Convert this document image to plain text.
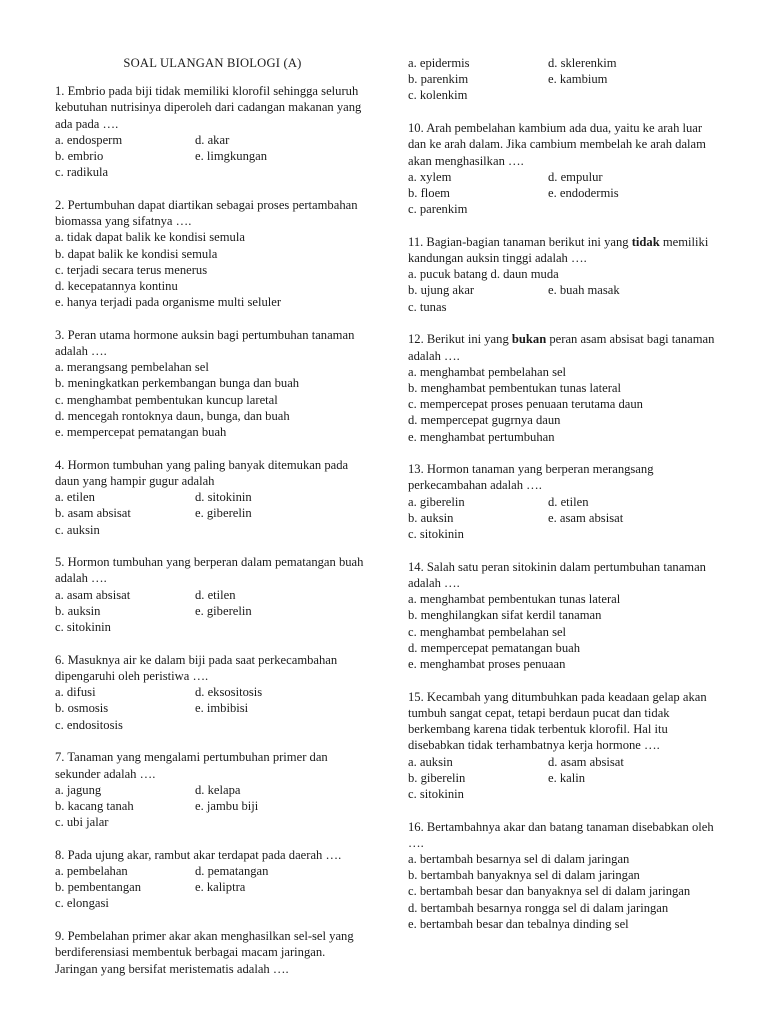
SOAL ULANGAN BIOLOGI (A)

1. Embrio pada biji tidak memiliki klorofil sehingga seluruh kebutuhan nutrisinya diperoleh dari cadangan makanan yang ada pada ….

a. endosperm	d. akar
b. embrio	e. limgkungan
c. radikula

2. Pertumbuhan dapat diartikan sebagai proses pertambahan biomassa yang sifatnya ….

a. tidak dapat balik ke kondisi semula
b. dapat balik ke kondisi semula
c. terjadi secara terus menerus
d. kecepatannya kontinu
e. hanya terjadi pada organisme multi seluler

3. Peran utama hormone auksin bagi pertumbuhan tanaman adalah ….

a. merangsang pembelahan sel
b. meningkatkan perkembangan bunga dan buah
c. menghambat pembentukan kuncup laretal
d. mencegah rontoknya daun, bunga, dan buah
e. mempercepat pematangan buah

4. Hormon tumbuhan yang paling banyak ditemukan pada daun yang hampir gugur adalah

a. etilen	d. sitokinin
b. asam absisat	e. giberelin
c. auksin

5. Hormon tumbuhan yang berperan dalam pematangan buah adalah ….

a. asam absisat	d. etilen
b. auksin	e. giberelin
c. sitokinin

6. Masuknya air ke dalam biji pada saat perkecambahan dipengaruhi oleh peristiwa ….

a. difusi	d. eksositosis
b. osmosis	e. imbibisi
c. endositosis

7. Tanaman yang mengalami pertumbuhan primer dan sekunder adalah ….

a. jagung	d. kelapa
b. kacang tanah	e. jambu biji
c. ubi jalar

8. Pada ujung akar, rambut akar terdapat pada daerah ….

a. pembelahan	d. pematangan
b. pembentangan	e. kaliptra
c. elongasi

9. Pembelahan primer akar akan menghasilkan sel-sel yang berdiferensiasi membentuk berbagai macam jaringan. Jaringan yang bersifat meristematis adalah ….

a. epidermis	d. sklerenkim
b. parenkim	e. kambium
c. kolenkim

10. Arah pembelahan kambium ada dua, yaitu ke arah luar dan ke arah dalam. Jika cambium membelah ke arah dalam akan menghasilkan ….

a. xylem	d. empulur
b. floem	e. endodermis
c. parenkim

11. Bagian-bagian tanaman berikut ini yang tidak memiliki kandungan auksin tinggi adalah ….

a. pucuk batang d. daun muda
b. ujung akar	e. buah masak
c. tunas

12. Berikut ini yang bukan peran asam absisat bagi tanaman adalah ….

a. menghambat pembelahan sel
b. menghambat pembentukan tunas lateral
c. mempercepat proses penuaan terutama daun
d. mempercepat gugrnya daun
e. menghambat pertumbuhan

13. Hormon tanaman yang berperan merangsang perkecambahan adalah ….

a. giberelin	d. etilen
b. auksin	e. asam absisat
c. sitokinin

14. Salah satu peran sitokinin dalam pertumbuhan tanaman adalah ….

a. menghambat pembentukan tunas lateral
b. menghilangkan sifat kerdil tanaman
c. menghambat pembelahan sel
d. mempercepat pematangan buah
e. menghambat proses penuaan

15. Kecambah yang ditumbuhkan pada keadaan gelap akan tumbuh sangat cepat, tetapi berdaun pucat dan tidak berkembang karena tidak terbentuk klorofil. Hal itu disebabkan tidak terhambatnya kerja hormone ….

a. auksin	d. asam absisat
b. giberelin	e. kalin
c. sitokinin

16. Bertambahnya akar dan batang tanaman disebabkan oleh ….

a. bertambah besarnya sel di dalam jaringan
b. bertambah banyaknya sel di dalam jaringan
c. bertambah besar dan banyaknya sel di dalam jaringan
d. bertambah besarnya rongga sel di dalam jaringan
e. bertambah besar dan tebalnya dinding sel
